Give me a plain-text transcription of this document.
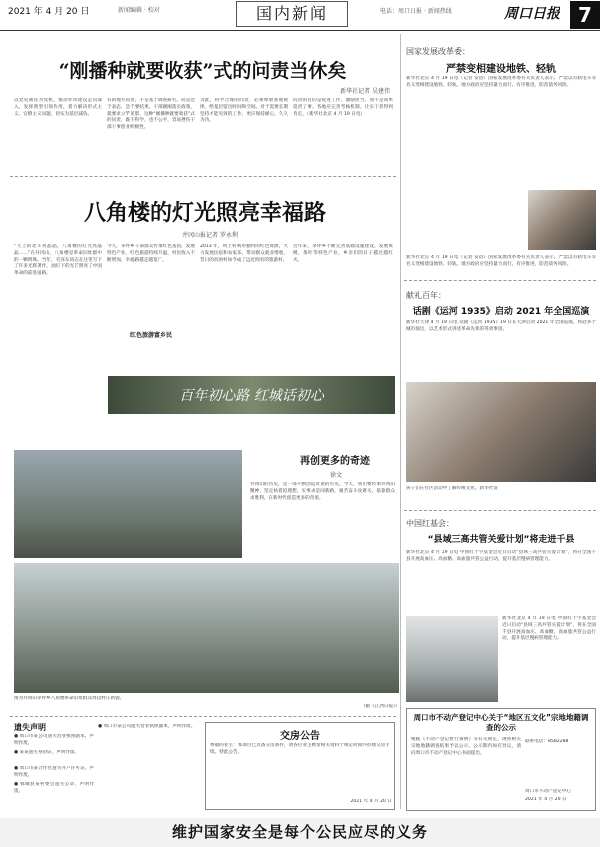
2021 年 4 月 20 日	新闻编辑 · 校对	国内新闻	电话：周口日报 · 新闻热线	周口日报 7
“刚播种就要收获”式的问责当休矣
新华社记者 吴建伟
以党史教育为契机，推动作风建设走向深入，发挥典型引领作用，着力解决形式主义、官僚主义问题，切实为基层减负。
有的地方问责，不是基于调查研究，而是急于表态，急于要结果。干部刚刚落实政策，就要求立竿见影，这种“刚播种就要收获”式的问责，既不科学，也不公平，容易挫伤干部干事创业积极性。
为此，科学合理的问责，必须尊重客观规律，给基层留出时间和空间。对于需要长期坚持才能见效的工作，更应保持耐心，久久为功。
问责的目的是促进工作、激励担当，而不是简单追责了事。各地应完善考核机制，让实干者得到肯定。（新华社北京 4 月 19 日电）
国家发展改革委：
严禁变相建设地铁、轻轨
新华社北京 4 月 19 日电（记者 安蓓）国家发展改革委有关负责人表示，严禁以有轨电车等名义变相建设地铁、轻轨。地方政府应坚持量力而行、有序推进，防范债务风险。
新华社北京 4 月 19 日电（记者 安蓓）国家发展改革委有关负责人表示，严禁以有轨电车等名义变相建设地铁、轻轨。地方政府应坚持量力而行、有序推进，防范债务风险。
八角楼的灯光照亮幸福路
井冈山报记者 罗永利
“天上的北斗亮晶晶，八角楼的灯光亮晶晶……”在井冈山，八角楼是革命旧址群中的一颗明珠。当年，毛泽东同志在这里写下了许多光辉著作，油灯下的光芒照亮了中国革命的前进道路。
今天，茅坪乡干部群众传承红色基因，发展特色产业，红色旅游持续升温，村民收入不断增加，幸福路越走越宽广。
红色旅游富乡民
2013 年，坝上村利用独特的红色资源，大力发展民宿和农家乐，带动群众就业增收，昔日的贫困村如今成了远近闻名的旅游村。
近年来，茅坪乡不断完善基础设施建设，发展黄桃、茶叶等特色产业，乡亲们的日子越过越红火。
百年初心路 红城话初心
图为井冈山茅坪乡八角楼革命旧址群及周边村庄新貌。
再创更多的奇迹
徐文
井冈山的历史，是一部不断创造奇迹的历史。今天，我们要传承井冈山精神，坚定执着追理想，实事求是闯新路，艰苦奋斗攻难关，依靠群众求胜利，在新时代创造更多的奇迹。
（据《江西日报》）
献礼百年：
话剧《运河 1935》启动 2021 年全国巡演
新华社天津 4 月 19 日电 话剧《运河 1935》19 日在天津启动 2021 年全国巡演，将赴多个城市演出，以艺术形式讲述革命先辈的英勇事迹。
孩子们在社区活动中了解传统文化。新华社发
中国红基会：
“县域三高共管关爱计划”将走进千县
新华社北京 4 月 19 日电 中国红十字基金会近日启动“县域三高共管关爱计划”，将在全国千县开展高血压、高血糖、高血脂共管公益行动，提升基层慢病管理能力。
新华社北京 4 月 19 日电 中国红十字基金会近日启动“县域三高共管关爱计划”，将在全国千县开展高血压、高血糖、高血脂共管公益行动，提升基层慢病管理能力。
周口市不动产登记中心关于“地区五文化”宗地地籍调查的公示
根据《不动产登记暂行条例》等有关规定，现将相关宗地地籍调查结果予以公示，公示期内如有异议，请向周口市不动产登记中心书面提出。
联系电话：8582288
周口市不动产登记中心
2021 年 4 月 20 日
遗失声明
● 周口市某公司遗失营业执照副本，声明作废。
● 某某遗失身份证，声明作废。
● 周口市某合作社遗失开户许可证，声明作废。
● 郸城县某村委会遗失公章，声明作废。
● 周口市某公司遗失营业执照副本，声明作废。
交房公告
尊敬的业主：本项目已具备交房条件，请各位业主携带相关资料于规定时间内办理交房手续。特此公告。
2021 年 4 月 20 日
维护国家安全是每个公民应尽的义务
